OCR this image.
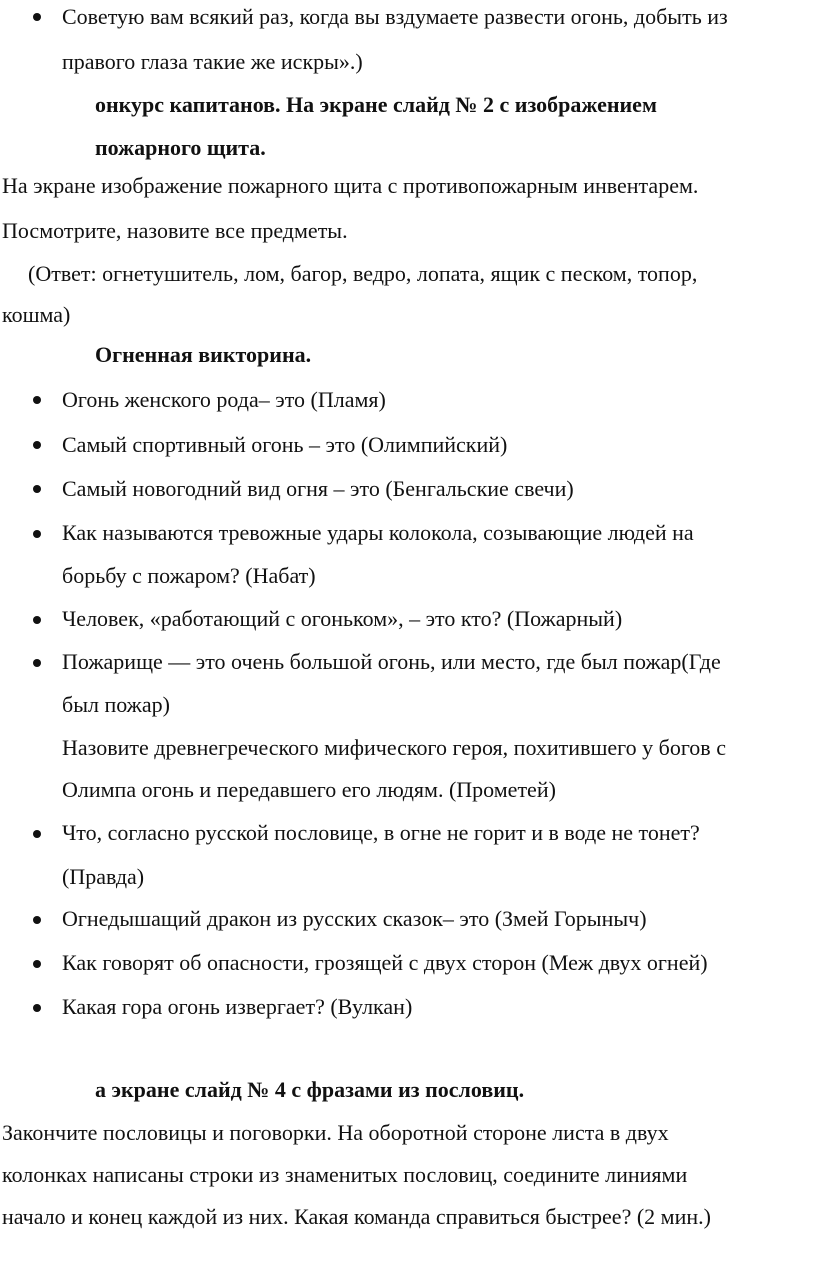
Советую вам всякий раз, когда вы вздумаете развести огонь, добыть из
правого глаза такие же искры».)
онкурс капитанов. На экране слайд № 2 с изображением
пожарного щита.
На экране изображение пожарного щита с противопожарным инвентарем.
Посмотрите, назовите все предметы.
(Ответ: огнетушитель, лом, багор, ведро, лопата, ящик с песком, топор,
кошма)
Огненная викторина.
Огонь женского рода– это (Пламя)
Самый спортивный огонь – это (Олимпийский)
Самый новогодний вид огня – это (Бенгальские свечи)
Как называются тревожные удары колокола, созывающие людей на
борьбу с пожаром? (Набат)
Человек, «работающий с огоньком», – это кто? (Пожарный)
Пожарище — это очень большой огонь, или место, где был пожар(Где
был пожар)
Назовите древнегреческого мифического героя, похитившего у богов с
Олимпа огонь и передавшего его людям. (Прометей)
Что, согласно русской пословице, в огне не горит и в воде не тонет?
(Правда)
Огнедышащий дракон из русских сказок– это (Змей Горыныч)
Как говорят об опасности, грозящей с двух сторон (Меж двух огней)
Какая гора огонь извергает? (Вулкан)
а экране слайд № 4 с фразами из пословиц.
Закончите пословицы и поговорки. На оборотной стороне листа в двух
колонках написаны строки из знаменитых пословиц, соедините линиями
начало и конец каждой из них. Какая команда справиться быстрее? (2 мин.)
